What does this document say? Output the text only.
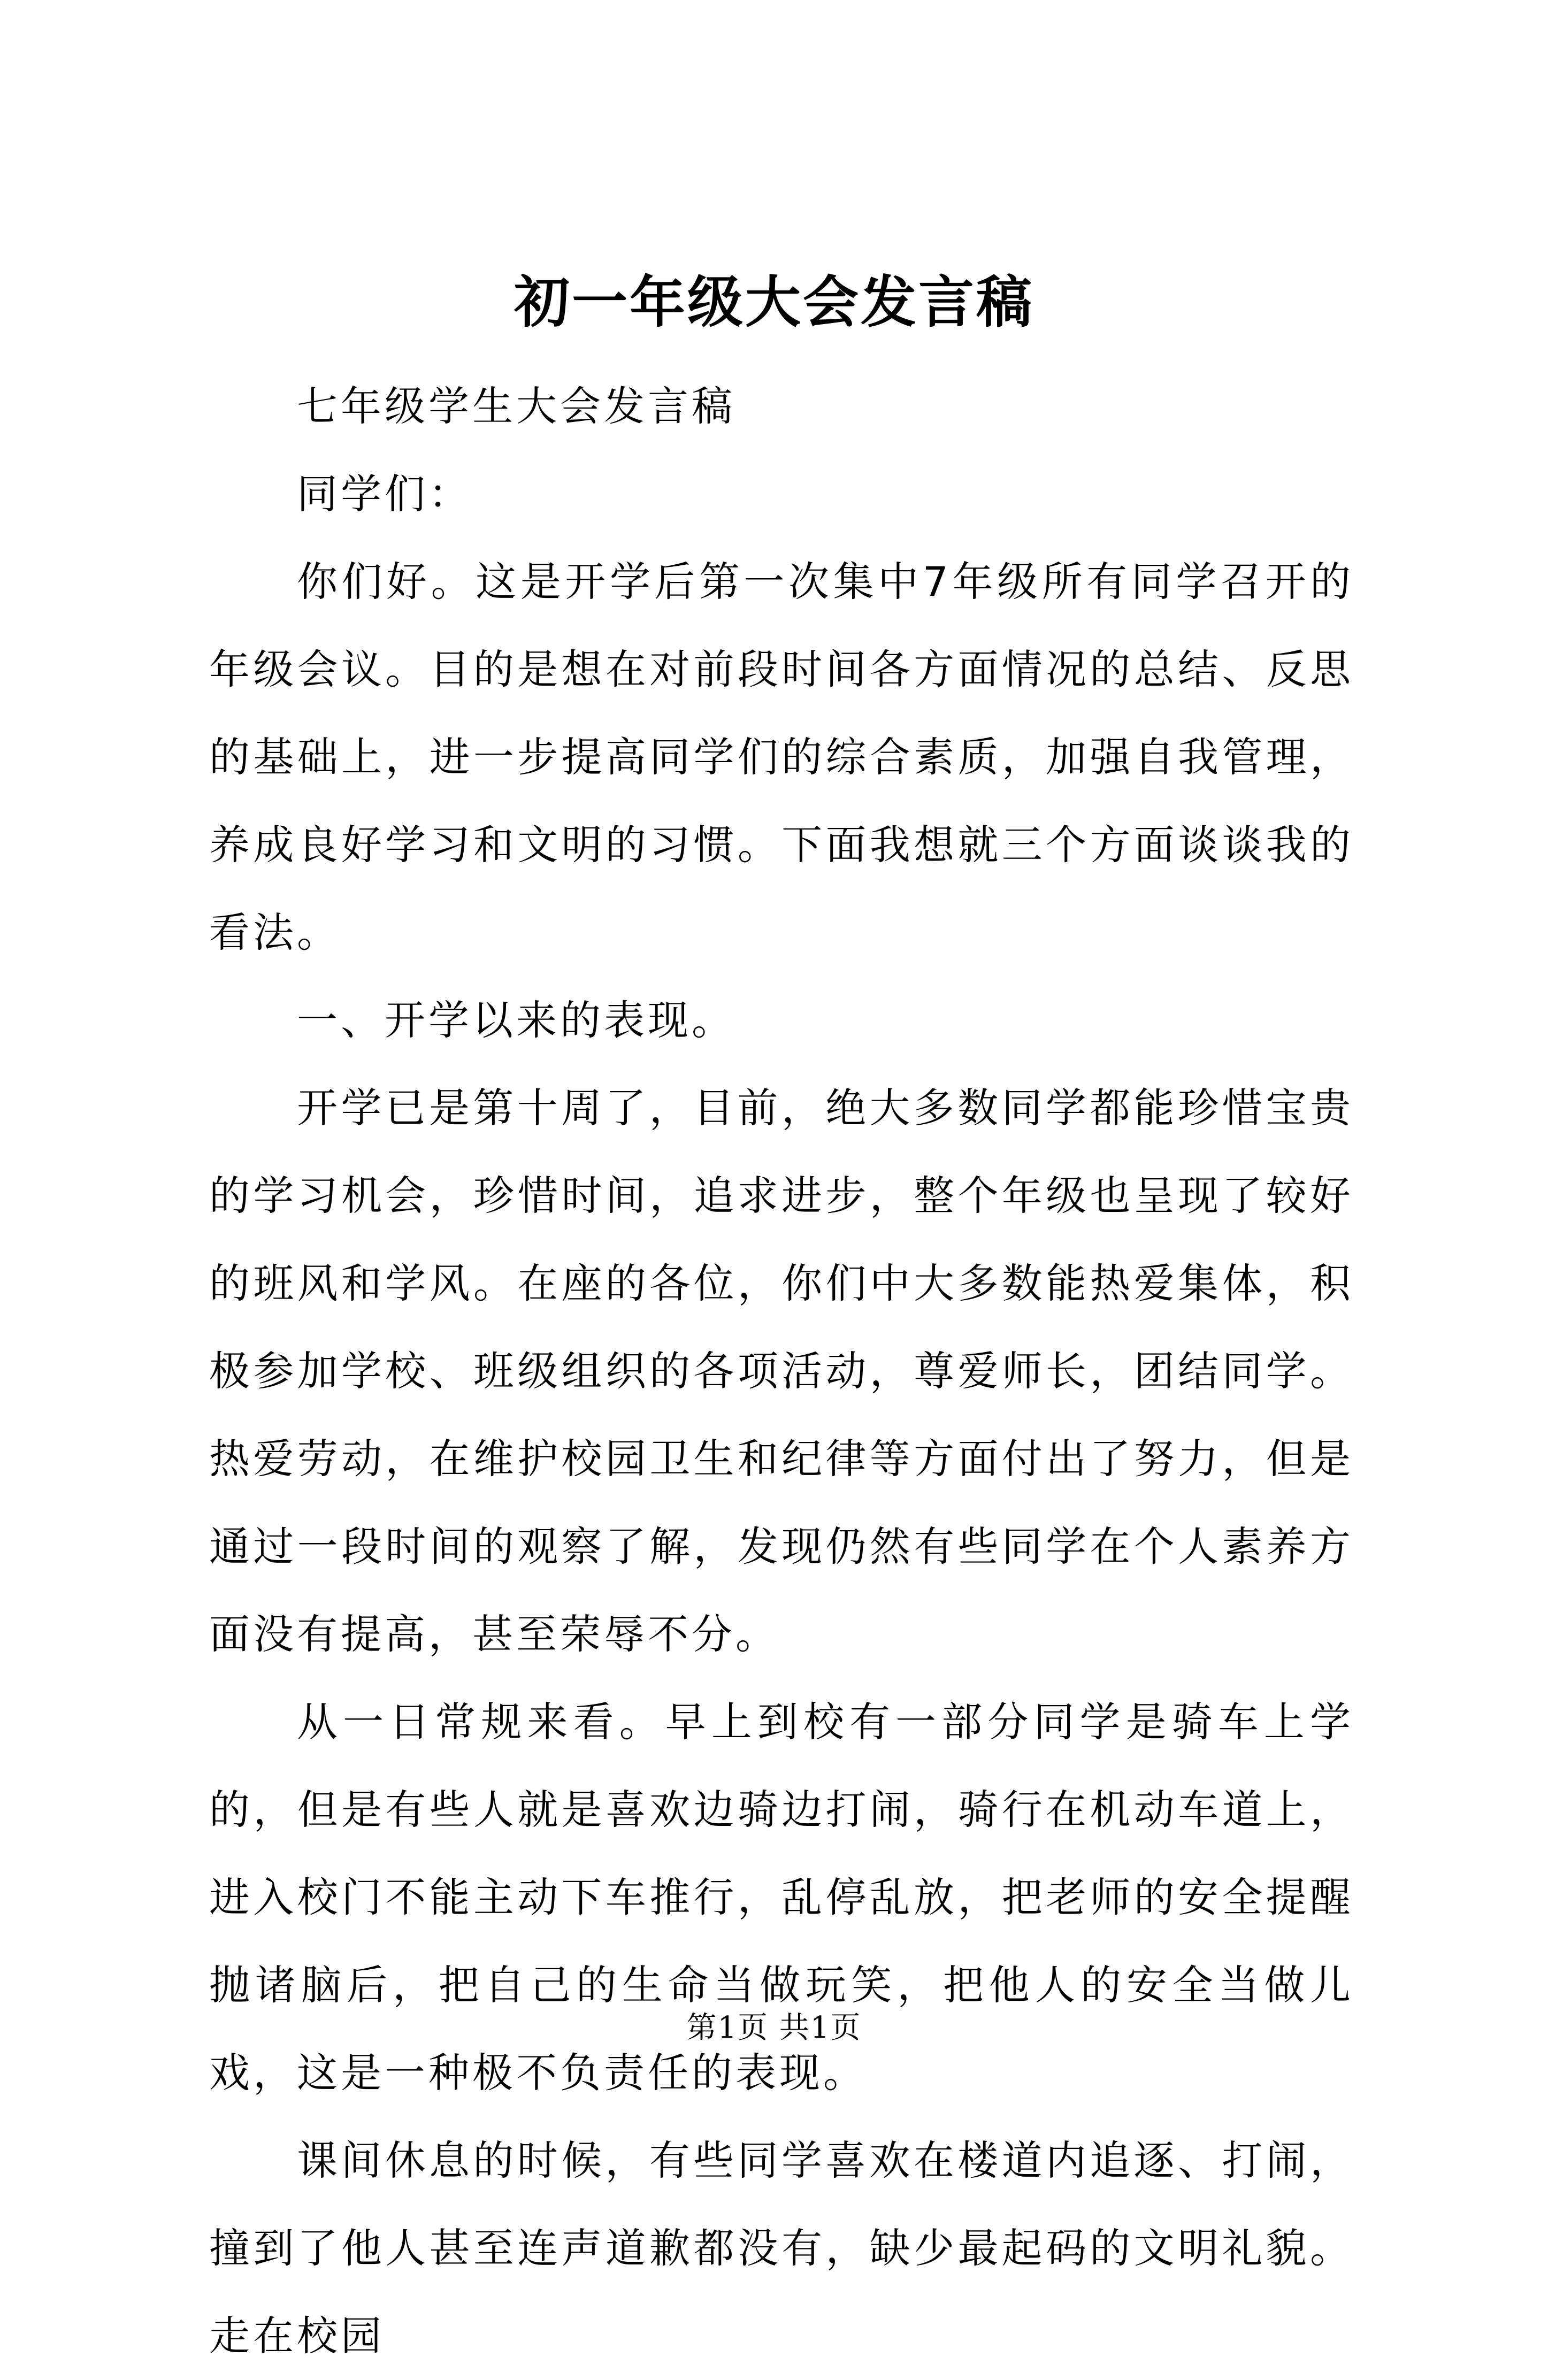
初一年级大会发言稿

七年级学生大会发言稿

同学们：

你们好。这是开学后第一次集中7年级所有同学召开的年级会议。目的是想在对前段时间各方面情况的总结、反思的基础上，进一步提高同学们的综合素质，加强自我管理，养成良好学习和文明的习惯。下面我想就三个方面谈谈我的看法。

一、开学以来的表现。

开学已是第十周了，目前，绝大多数同学都能珍惜宝贵的学习机会，珍惜时间，追求进步，整个年级也呈现了较好的班风和学风。在座的各位，你们中大多数能热爱集体，积极参加学校、班级组织的各项活动，尊爱师长，团结同学。热爱劳动，在维护校园卫生和纪律等方面付出了努力，但是通过一段时间的观察了解，发现仍然有些同学在个人素养方面没有提高，甚至荣辱不分。

从一日常规来看。早上到校有一部分同学是骑车上学的，但是有些人就是喜欢边骑边打闹，骑行在机动车道上，进入校门不能主动下车推行，乱停乱放，把老师的安全提醒抛诸脑后，把自己的生命当做玩笑，把他人的安全当做儿戏，这是一种极不负责任的表现。

课间休息的时候，有些同学喜欢在楼道内追逐、打闹，撞到了他人甚至连声道歉都没有，缺少最起码的文明礼貌。走在校园

第1页 共1页
